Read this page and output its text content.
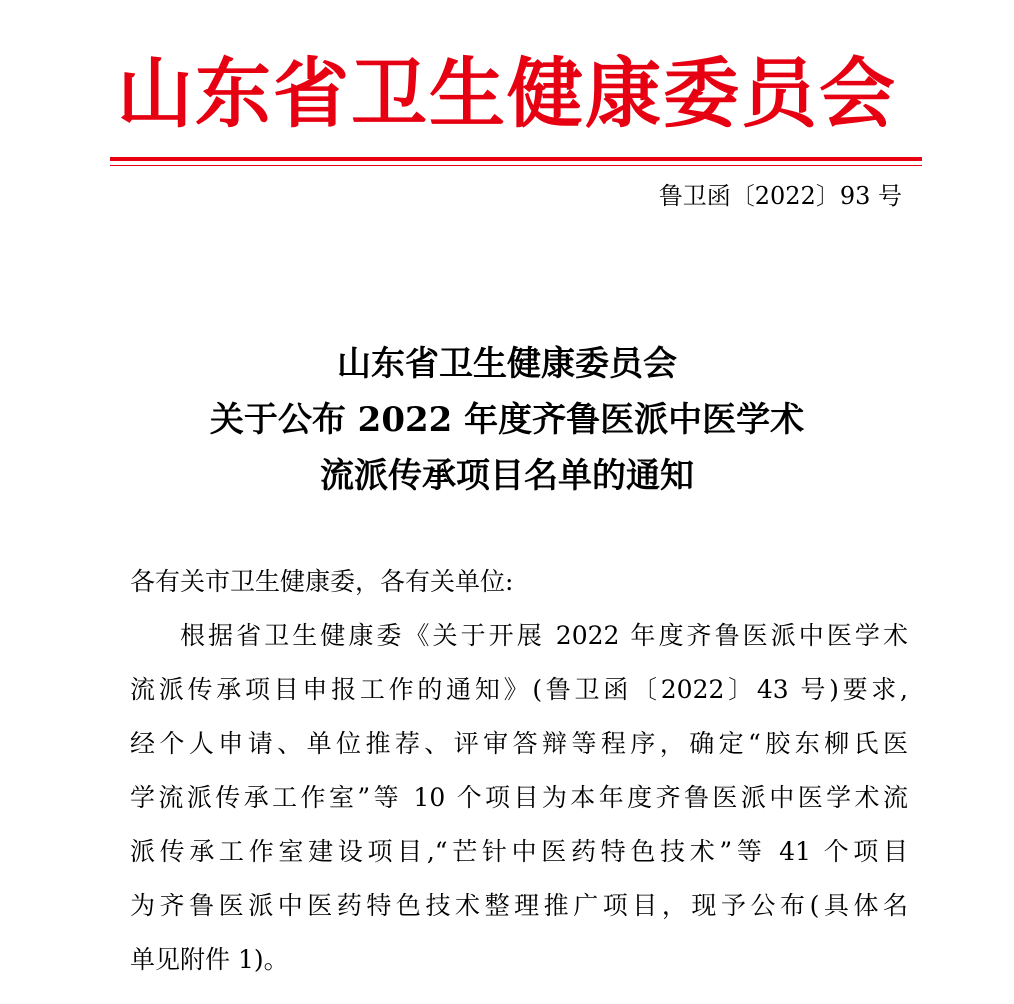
山东省卫生健康委员会
鲁卫函〔2022〕93 号
山东省卫生健康委员会
关于公布 2022 年度齐鲁医派中医学术
流派传承项目名单的通知
各有关市卫生健康委，各有关单位:
根据省卫生健康委《关于开展 2022 年度齐鲁医派中医学术
流派传承项目申报工作的通知》(鲁卫函〔2022〕43 号)要求,
经个人申请、单位推荐、评审答辩等程序，确定“胶东柳氏医
学流派传承工作室”等 10 个项目为本年度齐鲁医派中医学术流
派传承工作室建设项目,“芒针中医药特色技术”等 41 个项目
为齐鲁医派中医药特色技术整理推广项目，现予公布(具体名
单见附件 1)。
